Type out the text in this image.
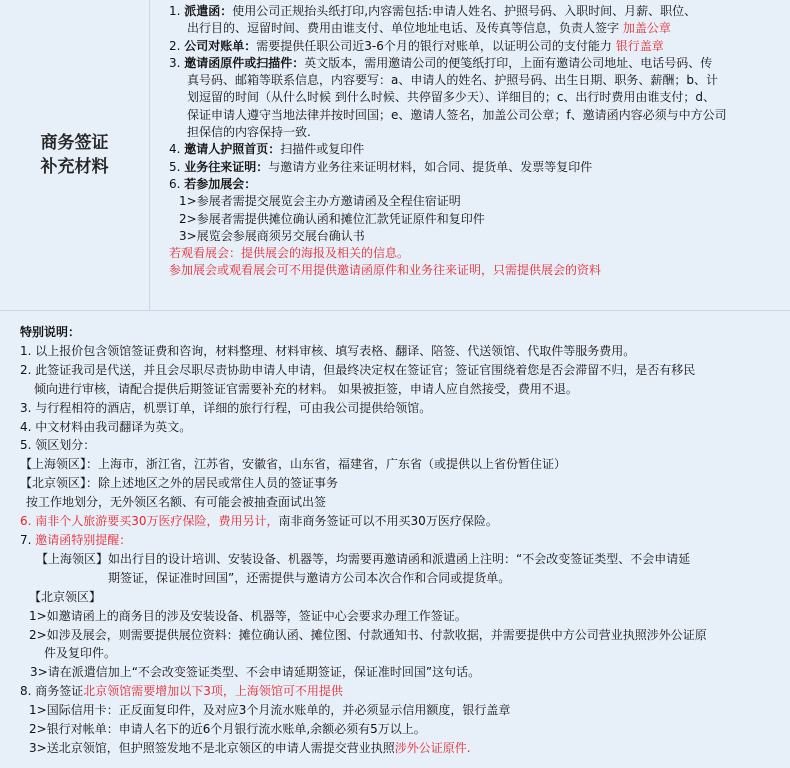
商务签证
补充材料
1. 派遣函：使用公司正规抬头纸打印,内容需包括:申请人姓名、护照号码、入职时间、月薪、职位、
出行目的、逗留时间、费用由谁支付、单位地址电话、及传真等信息，负责人签字 加盖公章
2. 公司对账单：需要提供任职公司近3-6个月的银行对账单，以证明公司的支付能力 银行盖章
3. 邀请函原件或扫描件：英文版本，需用邀请公司的便笺纸打印，上面有邀请公司地址、电话号码、传
真号码、邮箱等联系信息，内容要写：a、申请人的姓名、护照号码、出生日期、职务、薪酬；b、计
划逗留的时间（从什么时候 到什么时候、共停留多少天）、详细目的；c、出行时费用由谁支付；d、
保证申请人遵守当地法律并按时回国；e、邀请人签名，加盖公司公章；f、邀请函内容必须与中方公司
担保信的内容保持一致.
4. 邀请人护照首页：扫描件或复印件
5. 业务往来证明：与邀请方业务往来证明材料，如合同、提货单、发票等复印件
6. 若参加展会：
1>参展者需提交展览会主办方邀请函及全程住宿证明
2>参展者需提供摊位确认函和摊位汇款凭证原件和复印件
3>展览会参展商须另交展台确认书
若观看展会：提供展会的海报及相关的信息。
参加展会或观看展会可不用提供邀请函原件和业务往来证明，只需提供展会的资料
特别说明：
1. 以上报价包含领馆签证费和咨询，材料整理、材料审核、填写表格、翻译、陪签、代送领馆、代取件等服务费用。
2. 此签证我司是代送，并且会尽职尽责协助申请人申请，但最终决定权在签证官；签证官围绕着您是否会滞留不归，是否有移民
倾向进行审核，请配合提供后期签证官需要补充的材料。 如果被拒签，申请人应自然接受，费用不退。
3. 与行程相符的酒店，机票订单，详细的旅行行程，可由我公司提供给领馆。
4. 中文材料由我司翻译为英文。
5. 领区划分：
【上海领区】：上海市，浙江省，江苏省，安徽省，山东省，福建省，广东省（或提供以上省份暂住证）
【北京领区】：除上述地区之外的居民或常住人员的签证事务
按工作地划分，无外领区名额、有可能会被抽查面试出签
6. 南非个人旅游要买30万医疗保险，费用另计，南非商务签证可以不用买30万医疗保险。
7. 邀请函特别提醒：
【上海领区】如出行目的设计培训、安装设备、机器等，均需要再邀请函和派遣函上注明：“不会改变签证类型、不会申请延
期签证，保证准时回国”，还需提供与邀请方公司本次合作和合同或提货单。
【北京领区】
1>如邀请函上的商务目的涉及安装设备、机器等，签证中心会要求办理工作签证。
2>如涉及展会，则需要提供展位资料：摊位确认函、摊位图、付款通知书、付款收据，并需要提供中方公司营业执照涉外公证原
件及复印件。
3>请在派遣信加上“不会改变签证类型、不会申请延期签证，保证准时回国”这句话。
8. 商务签证北京领馆需要增加以下3项，上海领馆可不用提供
1>国际信用卡：正反面复印件，及对应3个月流水账单的，并必须显示信用额度，银行盖章
2>银行对帐单：申请人名下的近6个月银行流水账单,余额必须有5万以上。
3>送北京领馆，但护照签发地不是北京领区的申请人需提交营业执照涉外公证原件.
